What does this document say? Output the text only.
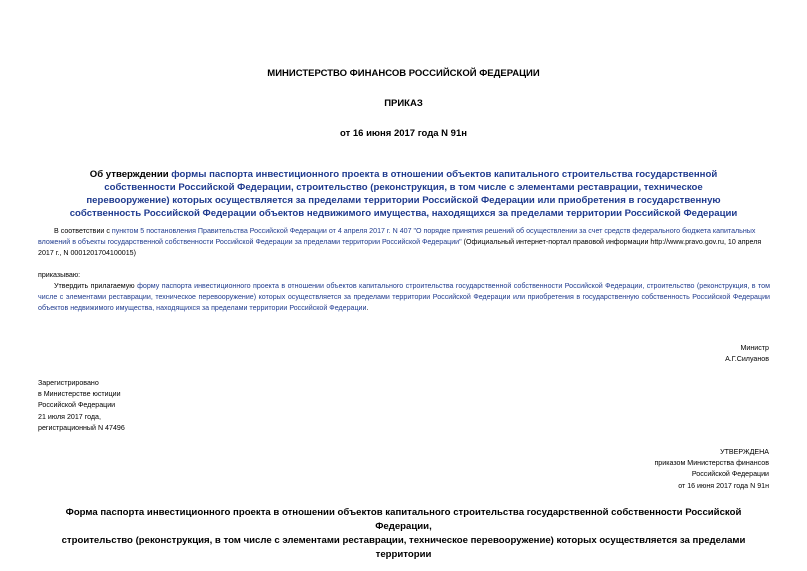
МИНИСТЕРСТВО ФИНАНСОВ РОССИЙСКОЙ ФЕДЕРАЦИИ
ПРИКАЗ
от 16 июня 2017 года N 91н
Об утверждении формы паспорта инвестиционного проекта в отношении объектов капитального строительства государственной собственности Российской Федерации, строительство (реконструкция, в том числе с элементами реставрации, техническое перевооружение) которых осуществляется за пределами территории Российской Федерации или приобретения в государственную собственность Российской Федерации объектов недвижимого имущества, находящихся за пределами территории Российской Федерации
В соответствии с пунктом 5 постановления Правительства Российской Федерации от 4 апреля 2017 г. N 407 "О порядке принятия решений об осуществлении за счет средств федерального бюджета капитальных вложений в объекты государственной собственности Российской Федерации за пределами территории Российской Федерации" (Официальный интернет-портал правовой информации http://www.pravo.gov.ru, 10 апреля 2017 г., N 0001201704100015)
приказываю:
Утвердить прилагаемую форму паспорта инвестиционного проекта в отношении объектов капитального строительства государственной собственности Российской Федерации, строительство (реконструкция, в том числе с элементами реставрации, техническое перевооружение) которых осуществляется за пределами территории Российской Федерации или приобретения в государственную собственность Российской Федерации объектов недвижимого имущества, находящихся за пределами территории Российской Федерации.
Министр
А.Г.Силуанов
Зарегистрировано
в Министерстве юстиции
Российской Федерации
21 июля 2017 года,
регистрационный N 47496
УТВЕРЖДЕНА
приказом Министерства финансов
Российской Федерации
от 16 июня 2017 года N 91н
Форма паспорта инвестиционного проекта в отношении объектов капитального строительства государственной собственности Российской Федерации,
строительство (реконструкция, в том числе с элементами реставрации, техническое перевооружение) которых осуществляется за пределами территории
